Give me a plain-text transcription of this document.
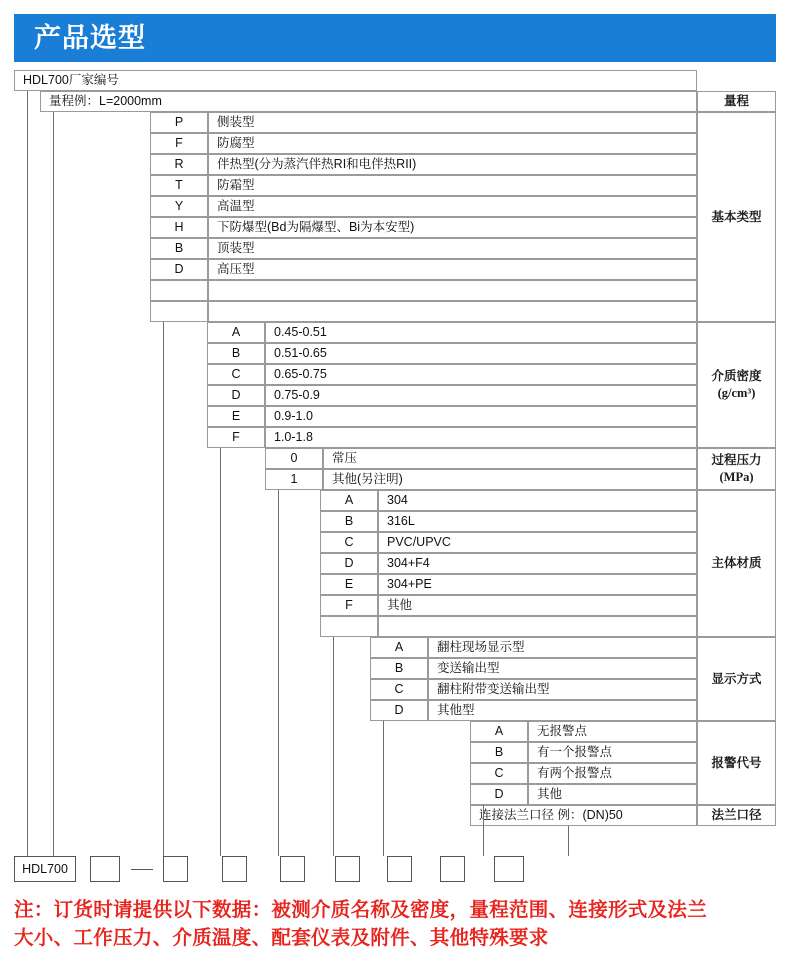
产品选型
HDL700厂家编号
量程例：L=2000mm	量程
P	侧装型
F	防腐型
R	伴热型(分为蒸汽伴热RI和电伴热RII)
T	防霜型
Y	高温型
H	下防爆型(Bd为隔爆型、Bi为本安型)
B	顶装型
D	高压型
基本类型
A	0.45-0.51
B	0.51-0.65
C	0.65-0.75
D	0.75-0.9
E	0.9-1.0
F	1.0-1.8
介质密度
(g/cm³)
0	常压
1	其他(另注明)
过程压力
(MPa)
A	304
B	316L
C	PVC/UPVC
D	304+F4
E	304+PE
F	其他
主体材质
A	翻柱现场显示型
B	变送输出型
C	翻柱附带变送输出型
D	其他型
显示方式
A	无报警点
B	有一个报警点
C	有两个报警点
D	其他
报警代号
连接法兰口径 例：(DN)50	法兰口径
HDL700
注：订货时请提供以下数据：被测介质名称及密度，量程范围、连接形式及法兰
大小、工作压力、介质温度、配套仪表及附件、其他特殊要求
